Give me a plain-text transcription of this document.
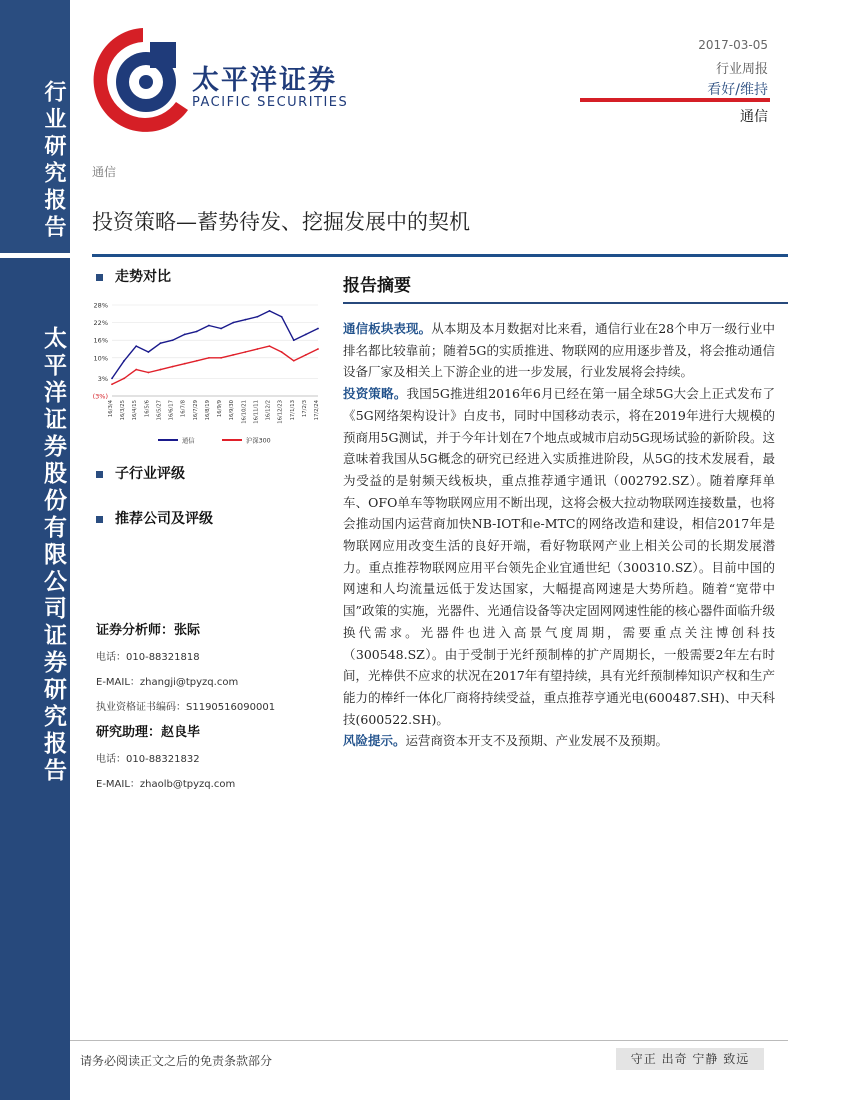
行业研究报告
太平洋证券股份有限公司证券研究报告
太平洋证券
PACIFIC SECURITIES
2017-03-05
行业周报
看好/维持
通信
通信
投资策略—蓄势待发、挖掘发展中的契机
走势对比
28%
22%
16%
10%
3%
(3%)
16/3/4 16/3/25 16/4/15 16/5/6 16/5/27 16/6/17 16/7/8 16/7/29 16/8/19 16/9/9 16/9/30 16/10/21 16/11/11 16/12/2 16/12/23 17/1/13 17/2/3 17/2/24
通信	沪深300
子行业评级
推荐公司及评级
证券分析师：张际
电话：010-88321818
E-MAIL：zhangji@tpyzq.com
执业资格证书编码：S1190516090001
研究助理：赵良毕
电话：010-88321832
E-MAIL：zhaolb@tpyzq.com
报告摘要

通信板块表现。从本期及本月数据对比来看，通信行业在28个申万一级行业中排名都比较靠前；随着5G的实质推进、物联网的应用逐步普及，将会推动通信设备厂家及相关上下游企业的进一步发展，行业发展将会持续。

投资策略。我国5G推进组2016年6月已经在第一届全球5G大会上正式发布了《5G网络架构设计》白皮书，同时中国移动表示，将在2019年进行大规模的预商用5G测试，并于今年计划在7个地点或城市启动5G现场试验的新阶段。这意味着我国从5G概念的研究已经进入实质推进阶段，从5G的技术发展看，最为受益的是射频天线板块，重点推荐通宇通讯（002792.SZ）。随着摩拜单车、OFO单车等物联网应用不断出现，这将会极大拉动物联网连接数量，也将会推动国内运营商加快NB-IOT和e-MTC的网络改造和建设，相信2017年是物联网应用改变生活的良好开端，看好物联网产业上相关公司的长期发展潜力。重点推荐物联网应用平台领先企业宜通世纪（300310.SZ）。目前中国的网速和人均流量远低于发达国家，大幅提高网速是大势所趋。随着“宽带中国”政策的实施，光器件、光通信设备等决定固网网速性能的核心器件面临升级换代需求。光器件也进入高景气度周期，需要重点关注博创科技（300548.SZ）。由于受制于光纤预制棒的扩产周期长，一般需要2年左右时间，光棒供不应求的状况在2017年有望持续，具有光纤预制棒知识产权和生产能力的棒纤一体化厂商将持续受益，重点推荐亨通光电(600487.SH)、中天科技(600522.SH)。

风险提示。运营商资本开支不及预期、产业发展不及预期。

请务必阅读正文之后的免责条款部分	守正 出奇 宁静 致远
